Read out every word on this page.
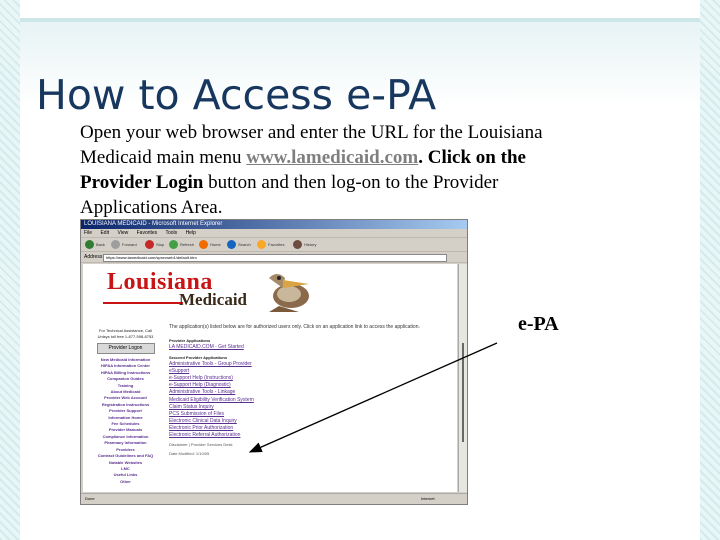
How to Access e-PA
Open your web browser and enter the URL for the Louisiana
Medicaid main menu www.lamedicaid.com. Click on the
Provider Login button and then log-on to the Provider
Applications Area.
LOUISIANA MEDICAID - Microsoft Internet Explorer
File Edit View Favorites Tools Help
Back	Forward	Stop	Refresh	Home	Search	Favorites	History
Address https://www.lamedicaid.com/sprovweb1/default.htm
Louisiana
Medicaid
For Technical Assistance, Call
Unisys toll free 1-877-598-8753
Provider Logon
New Medicaid Information
HIPAA Information Center
HIPAA Billing Instructions
Companion Guides
Training
About Medicaid
Provider Web Account
Registration Instructions
Provider Support
Information Home
Fee Schedules
Provider Manuals
Compliance Information
Pharmacy Information
Providers
Contract Guidelines and FAQ
Notable Websites
LMC
Useful Links
Other
The application(s) listed below are for authorized users only. Click on an application link to access the application.
Provider Applications
LA MEDICAID.COM - Get Started
Secured Provider Applications
Administrative Tools - Group Provider
eSupport
e-Support Help (Instructions)
e-Support Help (Diagnostic)
Administrative Tools - Linkage
Medicaid Eligibility Verification System
Claim Status Inquiry
PCS Submission of Files
Electronic Clinical Data Inquiry
Electronic Prior Authorization
Electronic Referral Authorization
Disclaimer | Provider Services Desk
Date Modified: 1/10/05
Done	Internet
e-PA
